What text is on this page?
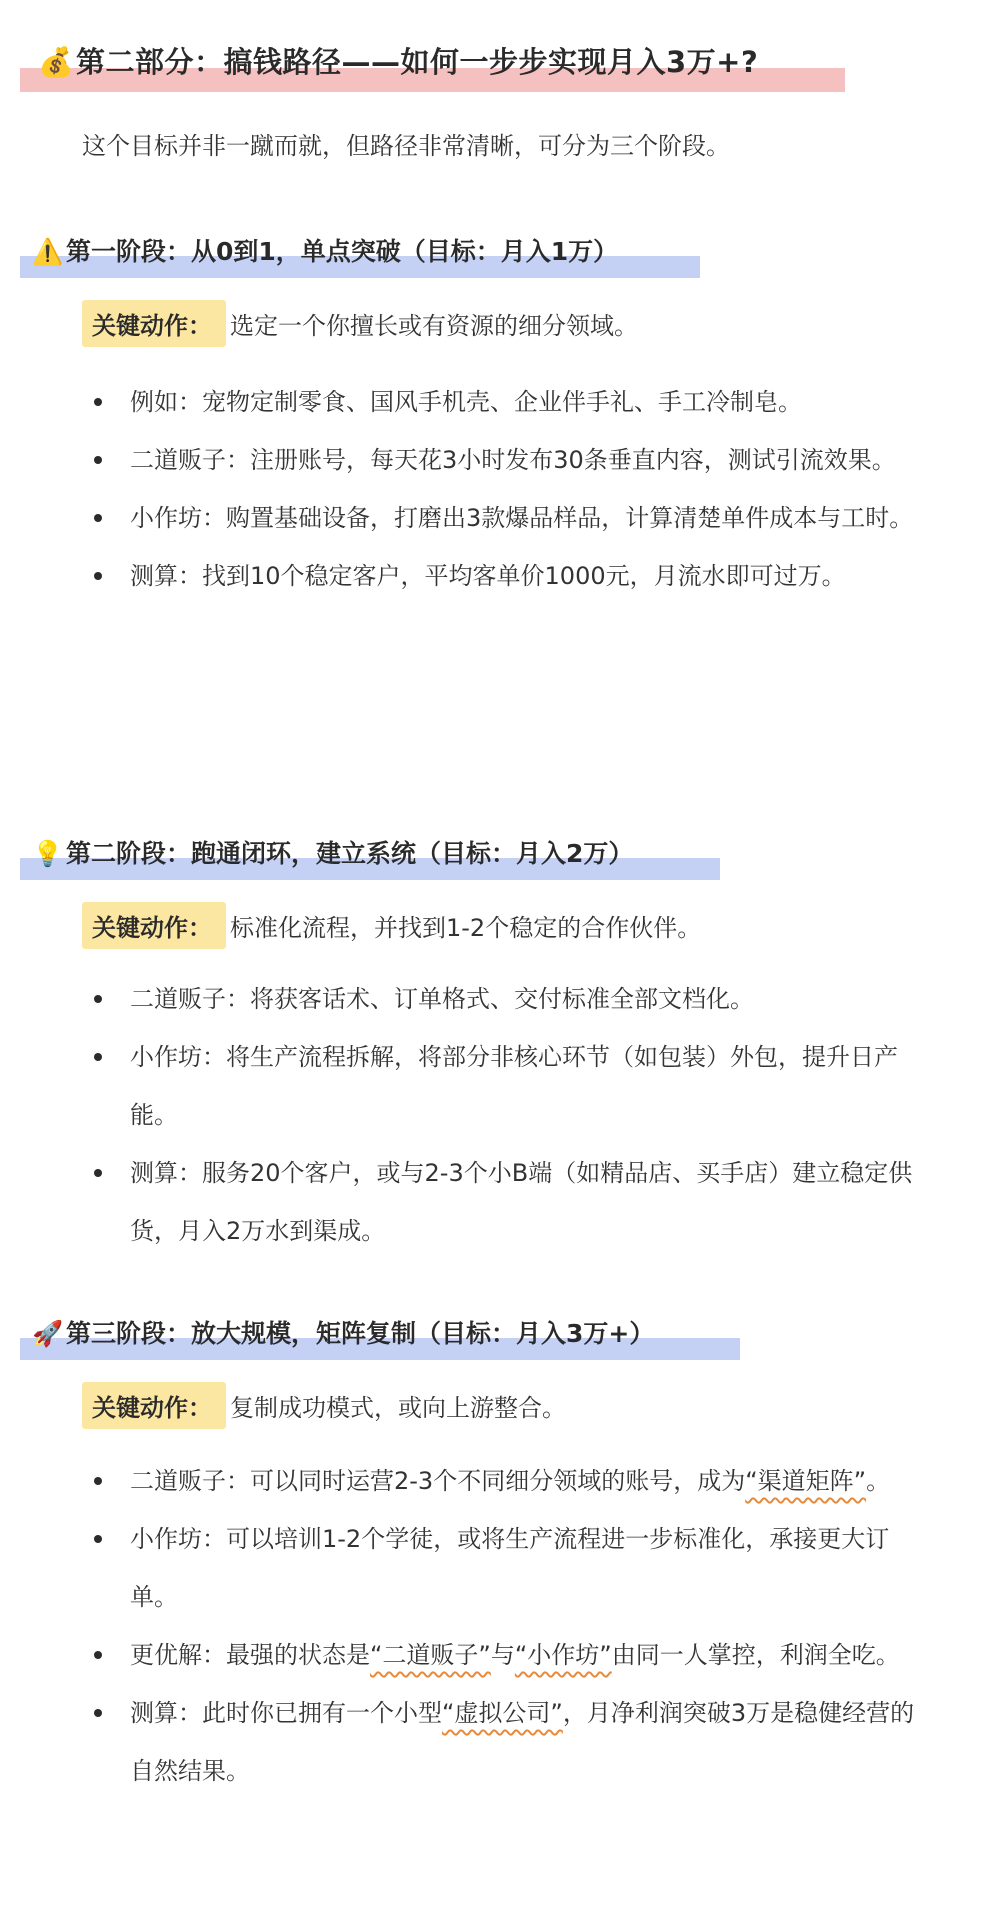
💰第二部分：搞钱路径——如何一步步实现月入3万+?
这个目标并非一蹴而就，但路径非常清晰，可分为三个阶段。
⚠️ 第一阶段：从0到1，单点突破（目标：月入1万）
关键动作： 选定一个你擅长或有资源的细分领域。
例如：宠物定制零食、国风手机壳、企业伴手礼、手工冷制皂。
二道贩子：注册账号，每天花3小时发布30条垂直内容，测试引流效果。
小作坊：购置基础设备，打磨出3款爆品样品，计算清楚单件成本与工时。
测算：找到10个稳定客户，平均客单价1000元，月流水即可过万。
💡 第二阶段：跑通闭环，建立系统（目标：月入2万）
关键动作： 标准化流程，并找到1-2个稳定的合作伙伴。
二道贩子：将获客话术、订单格式、交付标准全部文档化。
小作坊：将生产流程拆解，将部分非核心环节（如包装）外包，提升日产能。
测算：服务20个客户，或与2-3个小B端（如精品店、买手店）建立稳定供货，月入2万水到渠成。
🚀 第三阶段：放大规模，矩阵复制（目标：月入3万+）
关键动作： 复制成功模式，或向上游整合。
二道贩子：可以同时运营2-3个不同细分领域的账号，成为“渠道矩阵”。
小作坊：可以培训1-2个学徒，或将生产流程进一步标准化，承接更大订单。
更优解：最强的状态是“二道贩子”与“小作坊”由同一人掌控，利润全吃。
测算：此时你已拥有一个小型“虚拟公司”，月净利润突破3万是稳健经营的自然结果。
